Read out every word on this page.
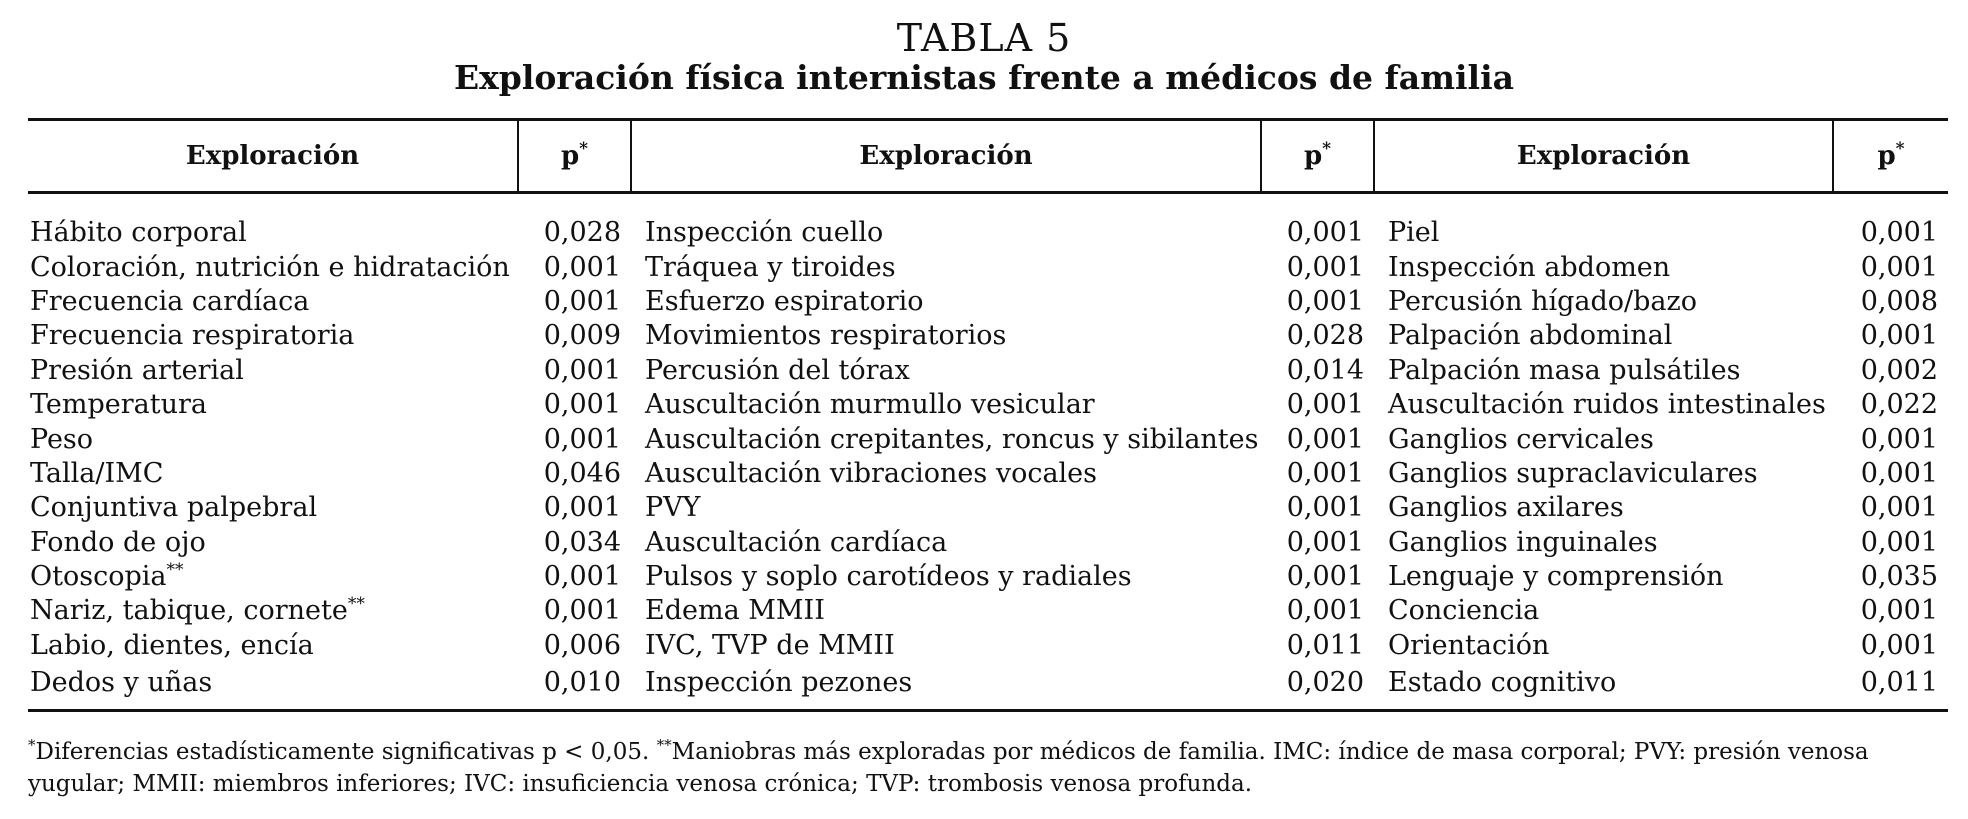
TABLA 5
Exploración física internistas frente a médicos de familia
Exploración	p*	Exploración	p*	Exploración	p*

Hábito corporal	0,028	Inspección cuello	0,001	Piel	0,001
Coloración, nutrición e hidratación	0,001	Tráquea y tiroides	0,001	Inspección abdomen	0,001
Frecuencia cardíaca	0,001	Esfuerzo espiratorio	0,001	Percusión hígado/bazo	0,008
Frecuencia respiratoria	0,009	Movimientos respiratorios	0,028	Palpación abdominal	0,001
Presión arterial	0,001	Percusión del tórax	0,014	Palpación masa pulsátiles	0,002
Temperatura	0,001	Auscultación murmullo vesicular	0,001	Auscultación ruidos intestinales	0,022
Peso	0,001	Auscultación crepitantes, roncus y sibilantes	0,001	Ganglios cervicales	0,001
Talla/IMC	0,046	Auscultación vibraciones vocales	0,001	Ganglios supraclaviculares	0,001
Conjuntiva palpebral	0,001	PVY	0,001	Ganglios axilares	0,001
Fondo de ojo	0,034	Auscultación cardíaca	0,001	Ganglios inguinales	0,001
Otoscopia**	0,001	Pulsos y soplo carotídeos y radiales	0,001	Lenguaje y comprensión	0,035
Nariz, tabique, cornete**	0,001	Edema MMII	0,001	Conciencia	0,001
Labio, dientes, encía	0,006	IVC, TVP de MMII	0,011	Orientación	0,001
Dedos y uñas	0,010	Inspección pezones	0,020	Estado cognitivo	0,011

*Diferencias estadísticamente significativas p < 0,05. **Maniobras más exploradas por médicos de familia. IMC: índice de masa corporal; PVY: presión venosa yugular; MMII: miembros inferiores; IVC: insuficiencia venosa crónica; TVP: trombosis venosa profunda.
